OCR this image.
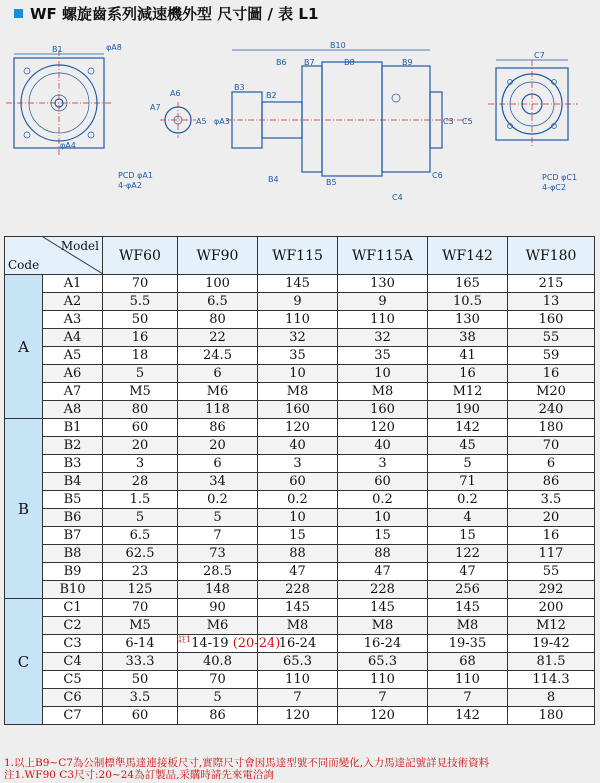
WF 螺旋齒系列減速機外型 尺寸圖 / 表 L1
B1	φA8
φA4
PCD φA1
4-φA2
A7
A6
A5
B10
B6 B7	B8	B9
B3
B2
φA3
B5
B4
C3 C5
C6
C4
C7
PCD φC1
4-φC2
Model
Code		WF60	WF90	WF115	WF115A	WF142	WF180
A	A1	70	100	145	130	165	215
	A2	5.5	6.5	9	9	10.5	13
	A3	50	80	110	110	130	160
	A4	16	22	32	32	38	55
	A5	18	24.5	35	35	41	59
	A6	5	6	10	10	16	16
	A7	M5	M6	M8	M8	M12	M20
	A8	80	118	160	160	190	240
B	B1	60	86	120	120	142	180
	B2	20	20	40	40	45	70
	B3	3	6	3	3	5	6
	B4	28	34	60	60	71	86
	B5	1.5	0.2	0.2	0.2	0.2	3.5
	B6	5	5	10	10	4	20
	B7	6.5	7	15	15	15	16
	B8	62.5	73	88	88	122	117
	B9	23	28.5	47	47	47	55
	B10	125	148	228	228	256	292
C	C1	70	90	145	145	145	200
	C2	M5	M6	M8	M8	M8	M12
	C3	6-14	$^{註1}$14-19 (20-24)	16-24	16-24	19-35	19-42
	C4	33.3	40.8	65.3	65.3	68	81.5
	C5	50	70	110	110	110	114.3
	C6	3.5	5	7	7	7	8
	C7	60	86	120	120	142	180
1.以上B9~C7為公制標準馬達連接板尺寸,實際尺寸會因馬達型號不同而變化,入力馬達記號詳見技術資料
注1.WF90 C3尺寸:20~24為訂製品,采購時請先來電洽詢
